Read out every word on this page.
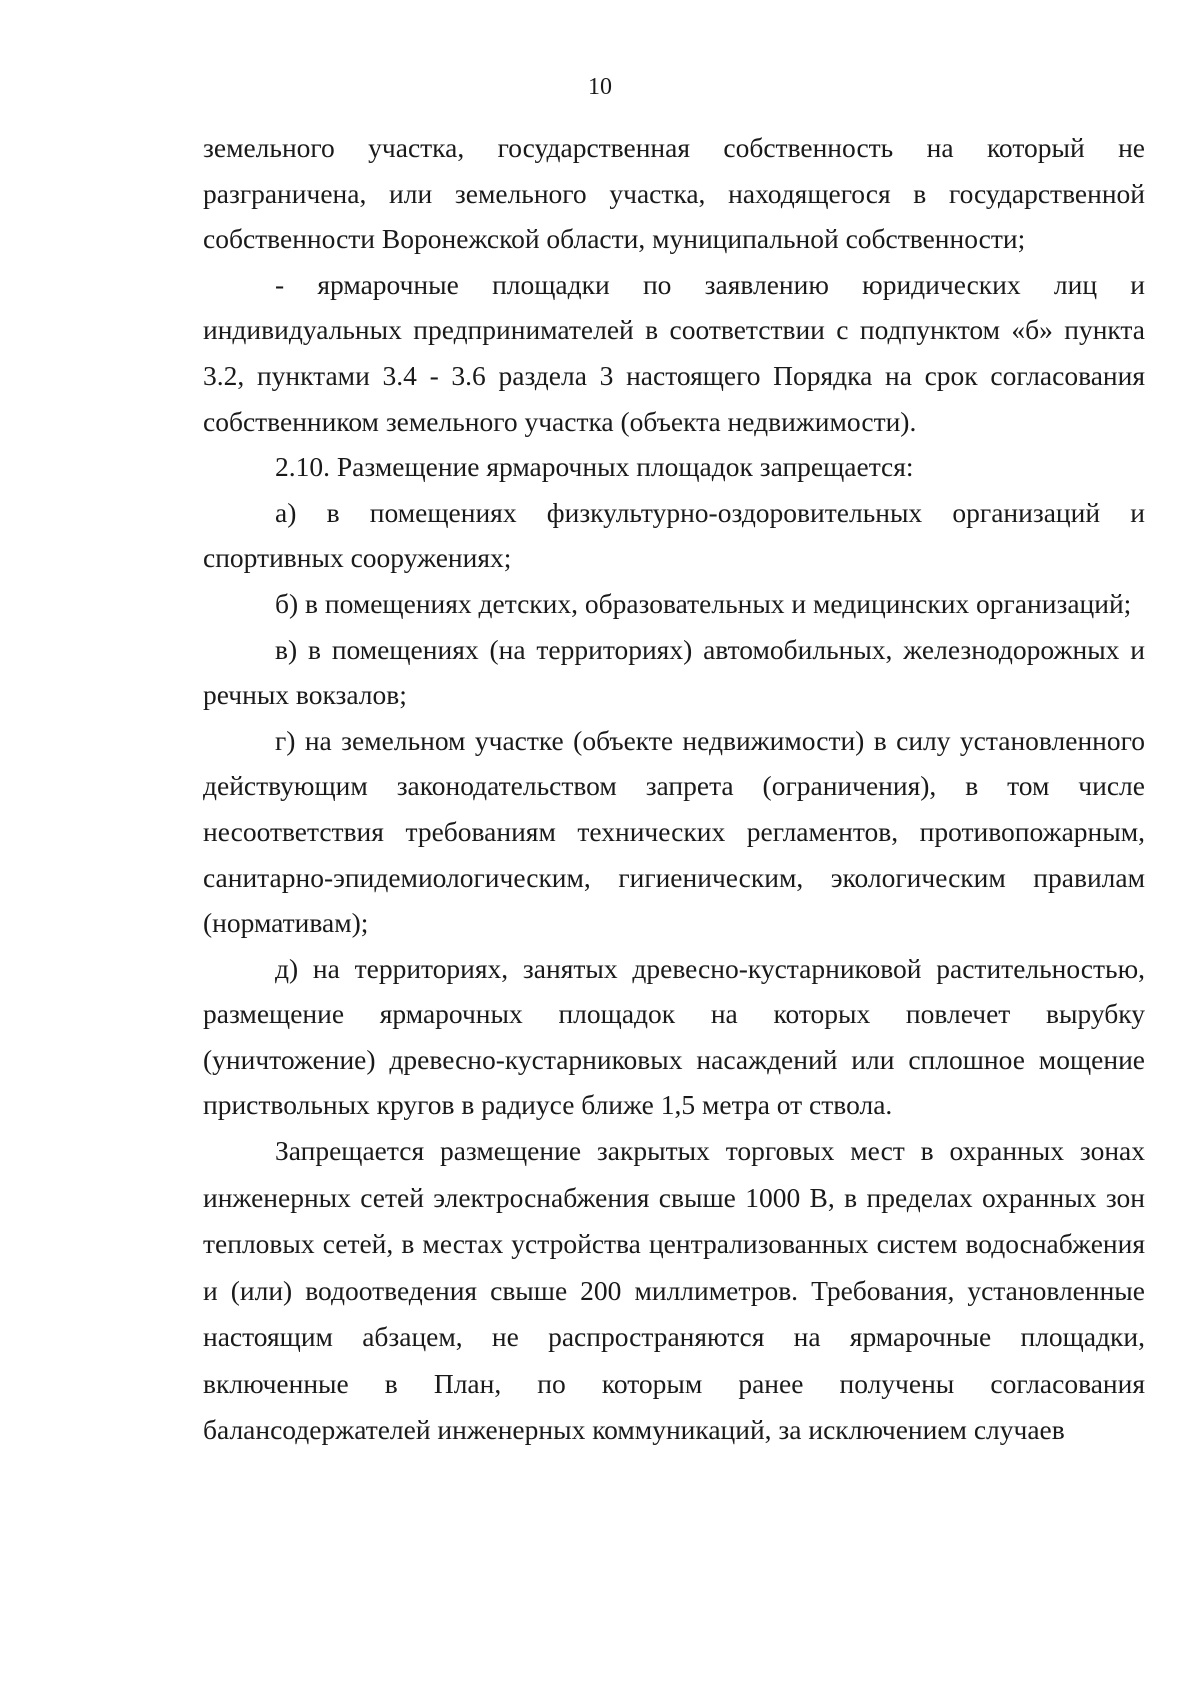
10

земельного участка, государственная собственность на который не разграничена, или земельного участка, находящегося в государственной собственности Воронежской области, муниципальной собственности;

- ярмарочные площадки по заявлению юридических лиц и индивидуальных предпринимателей в соответствии с подпунктом «б» пункта 3.2, пунктами 3.4 - 3.6 раздела 3 настоящего Порядка на срок согласования собственником земельного участка (объекта недвижимости).

2.10. Размещение ярмарочных площадок запрещается:

а) в помещениях физкультурно-оздоровительных организаций и спортивных сооружениях;

б) в помещениях детских, образовательных и медицинских организаций;

в) в помещениях (на территориях) автомобильных, железнодорожных и речных вокзалов;

г) на земельном участке (объекте недвижимости) в силу установленного действующим законодательством запрета (ограничения), в том числе несоответствия требованиям технических регламентов, противопожарным, санитарно-эпидемиологическим, гигиеническим, экологическим правилам (нормативам);

д) на территориях, занятых древесно-кустарниковой растительностью, размещение ярмарочных площадок на которых повлечет вырубку (уничтожение) древесно-кустарниковых насаждений или сплошное мощение приствольных кругов в радиусе ближе 1,5 метра от ствола.

Запрещается размещение закрытых торговых мест в охранных зонах инженерных сетей электроснабжения свыше 1000 В, в пределах охранных зон тепловых сетей, в местах устройства централизованных систем водоснабжения и (или) водоотведения свыше 200 миллиметров. Требования, установленные настоящим абзацем, не распространяются на ярмарочные площадки, включенные в План, по которым ранее получены согласования балансодержателей инженерных коммуникаций, за исключением случаев
